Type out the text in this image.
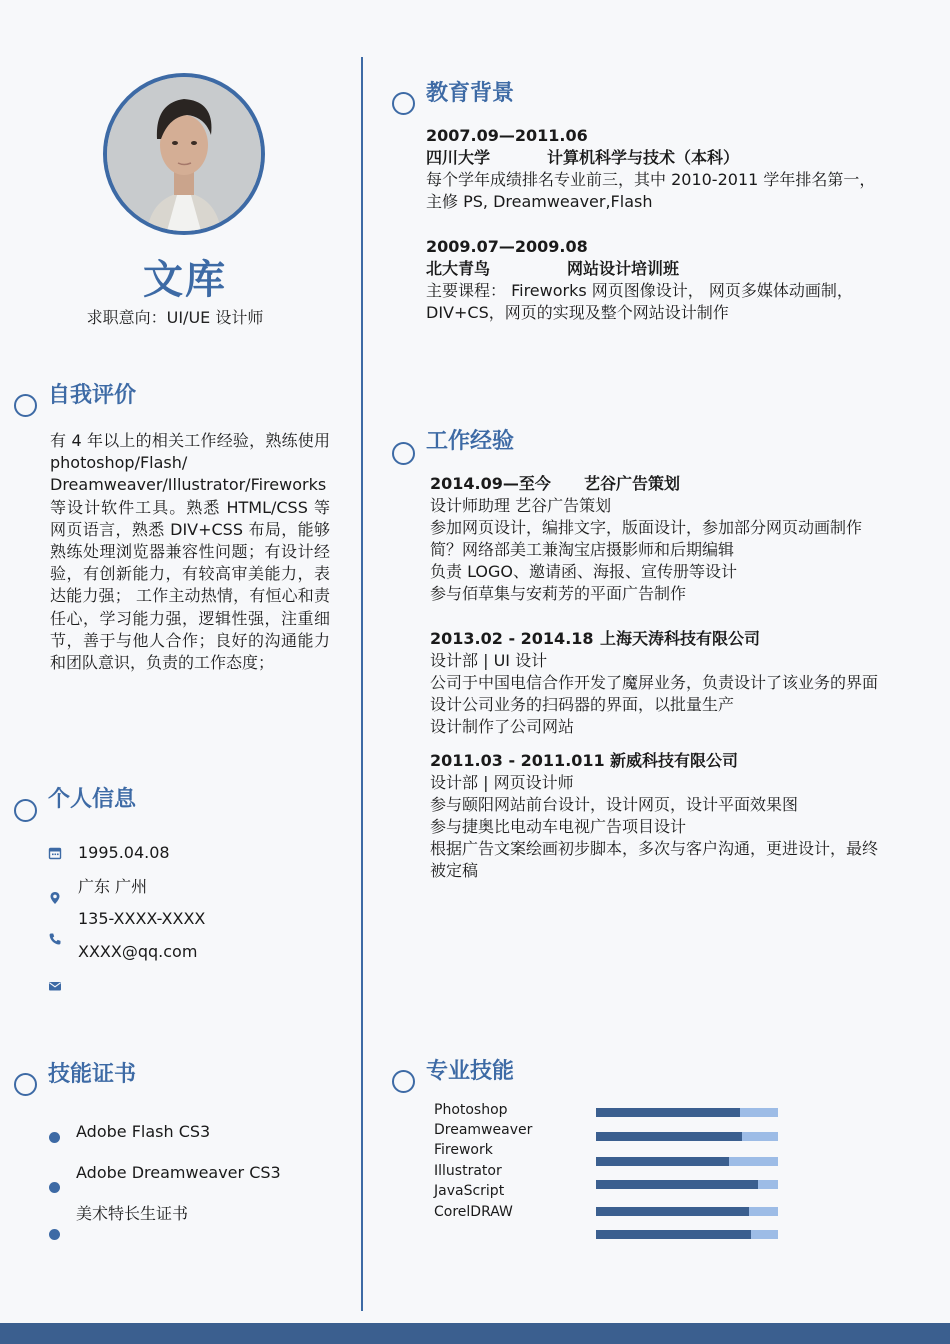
文库
求职意向：UI/UE 设计师
自我评价
有 4 年以上的相关工作经验，熟练使用 photoshop/Flash/ Dreamweaver/Illustrator/Fireworks 等设计软件工具。熟悉 HTML/CSS 等网页语言，熟悉 DIV+CSS 布局，能够熟练处理浏览器兼容性问题；有设计经验，有创新能力，有较高审美能力，表达能力强； 工作主动热情，有恒心和责任心，学习能力强，逻辑性强，注重细节，善于与他人合作；良好的沟通能力和团队意识，负责的工作态度；
个人信息
1995.04.08
广东 广州
135-XXXX-XXXX
XXXX@qq.com
技能证书
Adobe Flash CS3
Adobe Dreamweaver CS3
美术特长生证书
教育背景
2007.09—2011.06
四川大学	计算机科学与技术（本科）
每个学年成绩排名专业前三，其中 2010-2011 学年排名第一，
主修 PS, Dreamweaver,Flash
2009.07—2009.08
北大青鸟	网站设计培训班
主要课程： Fireworks 网页图像设计， 网页多媒体动画制，
DIV+CS，网页的实现及整个网站设计制作
工作经验
2014.09—至今 艺谷广告策划
设计师助理 艺谷广告策划
参加网页设计，编排文字，版面设计，参加部分网页动画制作
简？网络部美工兼淘宝店摄影师和后期编辑
负责 LOGO、邀请函、海报、宣传册等设计
参与佰草集与安莉芳的平面广告制作
2013.02 - 2014.18 上海天涛科技有限公司
设计部 | UI 设计
公司于中国电信合作开发了魔屏业务，负责设计了该业务的界面
设计公司业务的扫码器的界面，以批量生产
设计制作了公司网站
2011.03 - 2011.011 新威科技有限公司
设计部 | 网页设计师
参与颐阳网站前台设计，设计网页，设计平面效果图
参与捷奥比电动车电视广告项目设计
根据广告文案绘画初步脚本，多次与客户沟通，更进设计，最终
被定稿
专业技能
Photoshop
Dreamweaver
Firework
Illustrator
JavaScript
CorelDRAW
